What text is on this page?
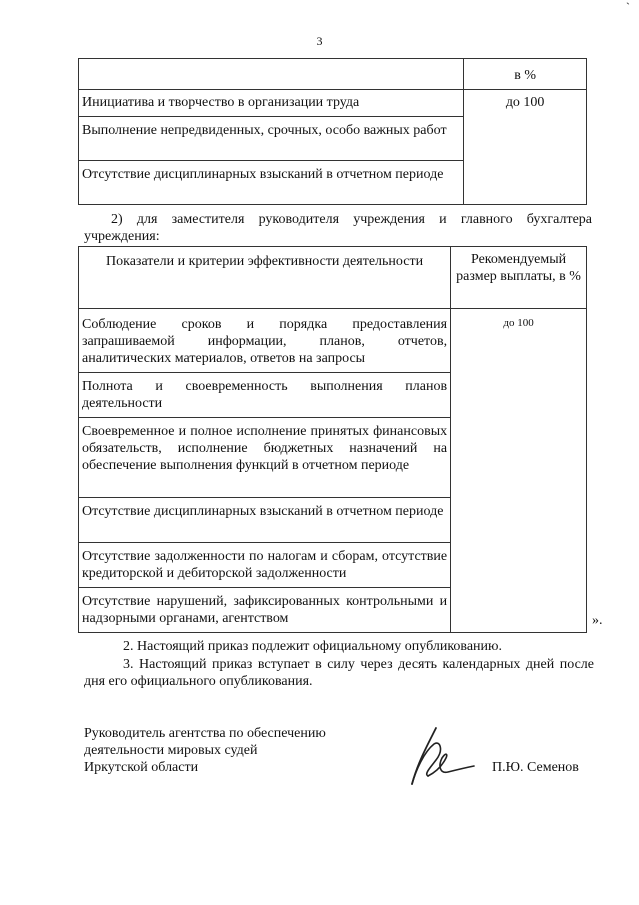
`
3
	в %
Инициатива и творчество в организации труда	до 100
Выполнение непредвиденных, срочных, особо важных работ	
Отсутствие дисциплинарных взысканий в отчетном периоде	
2) для заместителя руководителя учреждения и главного бухгалтера учреждения:
Показатели и критерии эффективности деятельности	Рекомендуемый размер выплаты, в %
Соблюдение сроков и порядка предоставления запрашиваемой информации, планов, отчетов, аналитических материалов, ответов на запросы	до 100
Полнота и своевременность выполнения планов деятельности	
Своевременное и полное исполнение принятых финансовых обязательств, исполнение бюджетных назначений на обеспечение выполнения функций в отчетном периоде	
Отсутствие дисциплинарных взысканий в отчетном периоде	
Отсутствие задолженности по налогам и сборам, отсутствие кредиторской и дебиторской задолженности	
Отсутствие нарушений, зафиксированных контрольными и надзорными органами, агентством		».
2. Настоящий приказ подлежит официальному опубликованию.
3. Настоящий приказ вступает в силу через десять календарных дней после дня его официального опубликования.
Руководитель агентства по обеспечению
деятельности мировых судей
Иркутской области	П.Ю. Семенов
